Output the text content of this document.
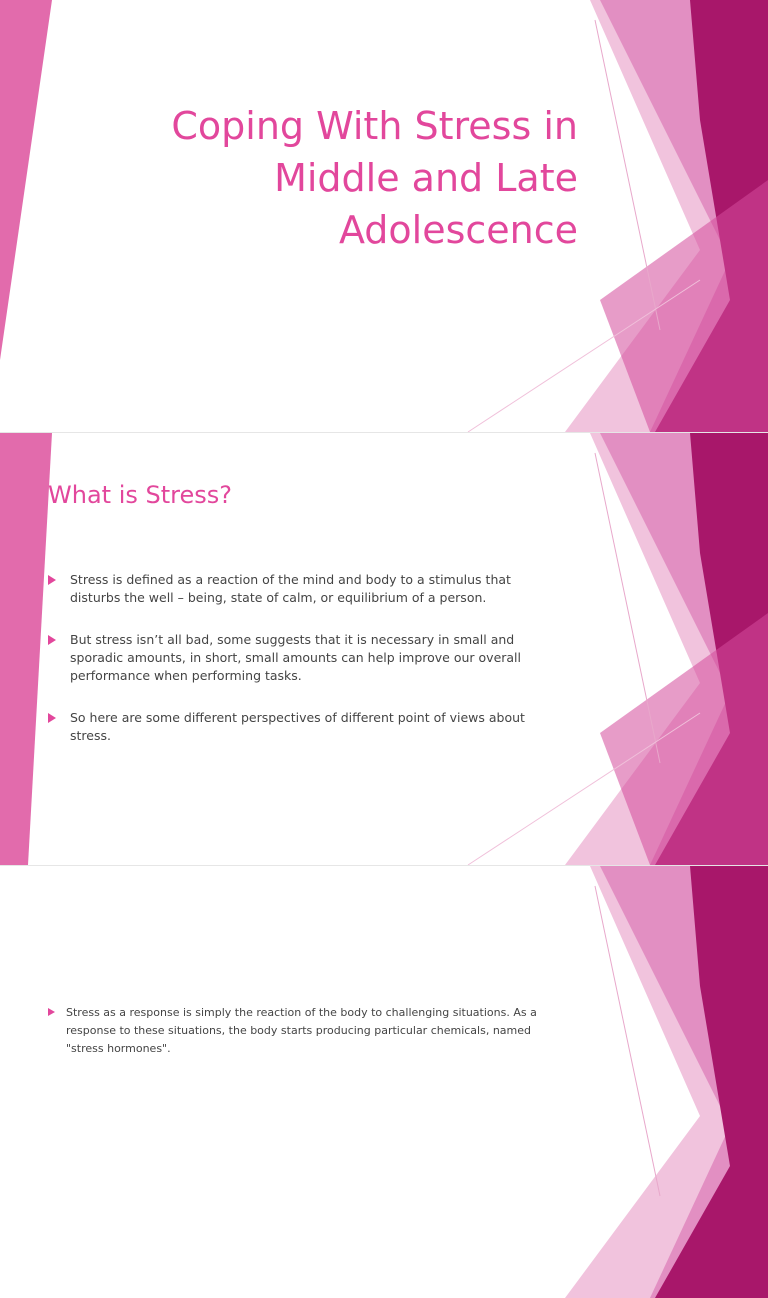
Coping With Stress in Middle and Late Adolescence
What is Stress?
Stress is defined as a reaction of the mind and body to a stimulus that disturbs the well – being, state of calm, or equilibrium of a person.
But stress isn’t all bad, some suggests that it is necessary in small and sporadic amounts, in short, small amounts can help improve our overall performance when performing tasks.
So here are some different perspectives of different point of views about stress.
Stress as a response is simply the reaction of the body to challenging situations. As a response to these situations, the body starts producing particular chemicals, named "stress hormones".
